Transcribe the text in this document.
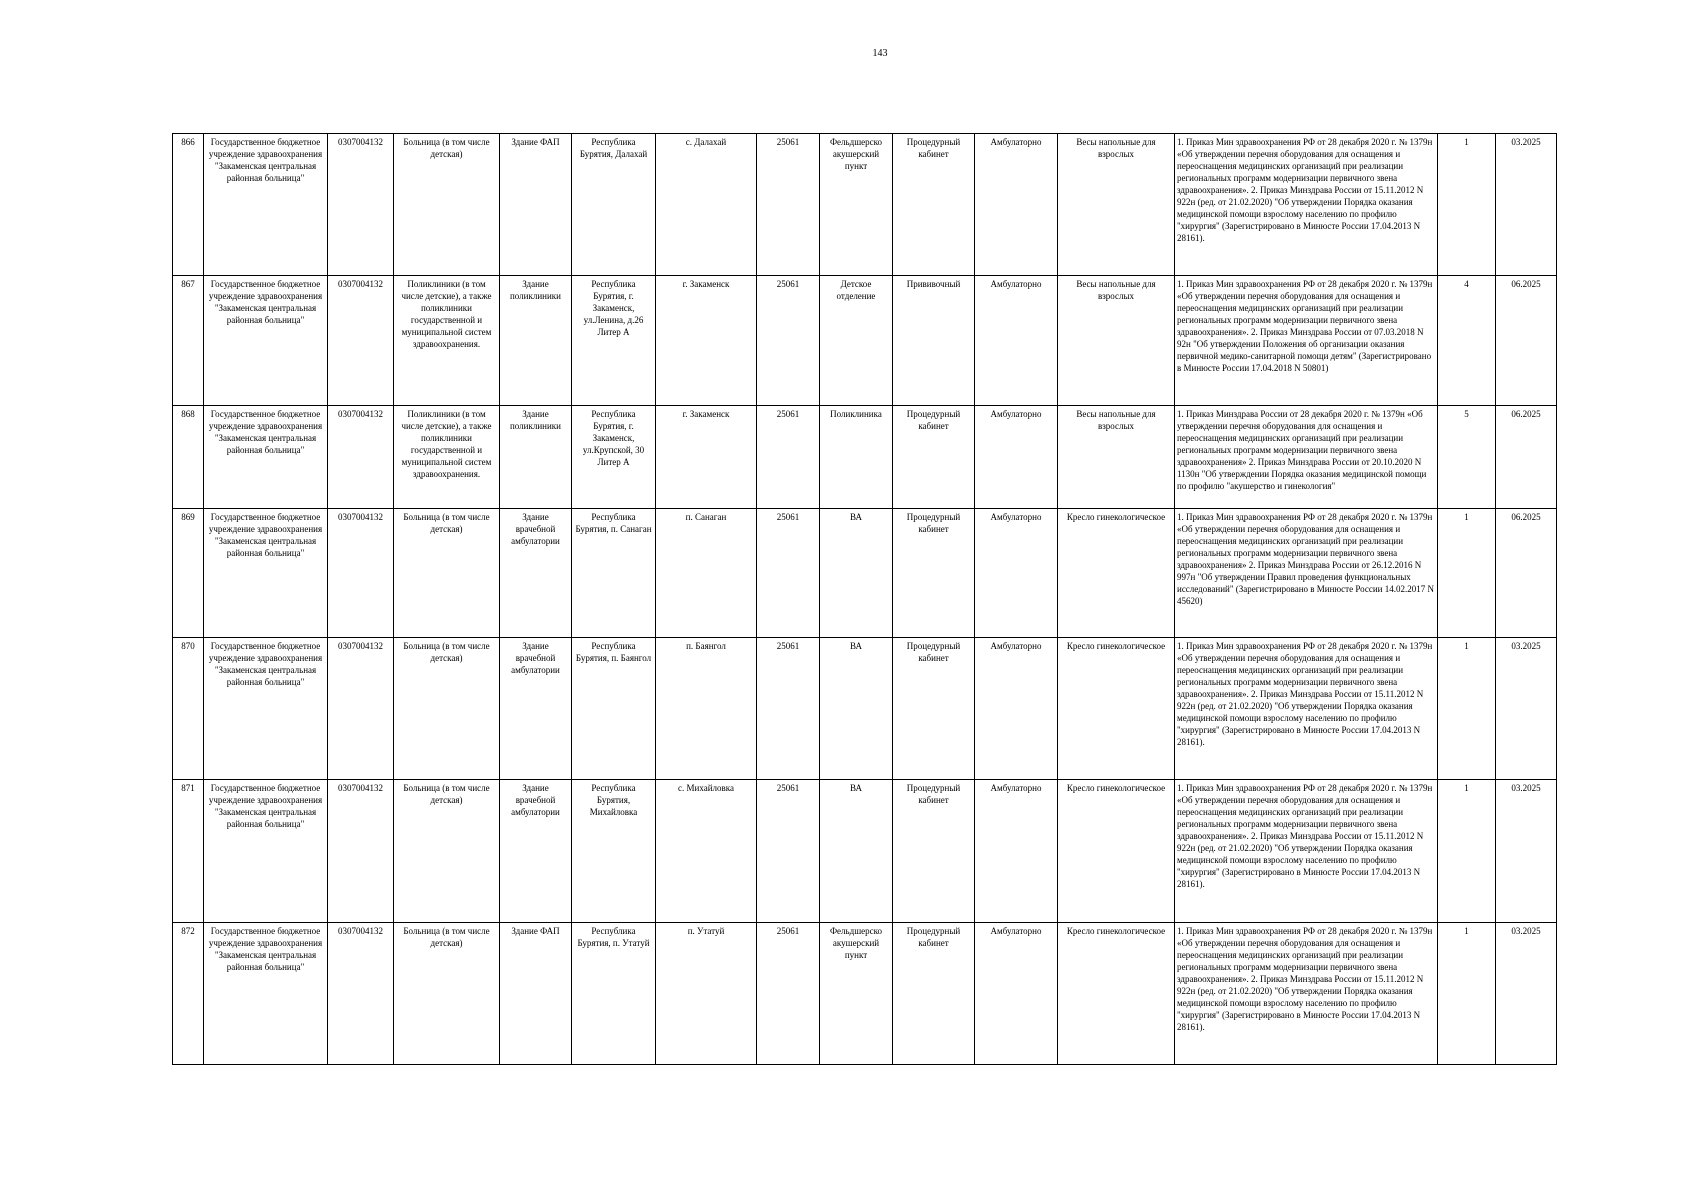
143
866	Государственное бюджетное учреждение здравоохранения "Закаменская центральная районная больница"	0307004132	Больница (в том числе детская)	Здание ФАП	Республика Бурятия, Далахай	с. Далахай	25061	Фельдшерско акушерский пункт	Процедурный кабинет	Амбулаторно	Весы напольные для взрослых	1. Приказ Мин здравоохранения РФ от 28 декабря 2020 г. № 1379н «Об утверждении перечня оборудования для оснащения и переоснащения медицинских организаций при реализации региональных программ модернизации первичного звена здравоохранения». 2. Приказ Минздрава России от 15.11.2012 N 922н (ред. от 21.02.2020) "Об утверждении Порядка оказания медицинской помощи взрослому населению по профилю "хирургия" (Зарегистрировано в Минюсте России 17.04.2013 N 28161).	1	03.2025
867	Государственное бюджетное учреждение здравоохранения "Закаменская центральная районная больница"	0307004132	Поликлиники (в том числе детские), а также поликлиники государственной и муниципальной систем здравоохранения.	Здание поликлиники	Республика Бурятия, г. Закаменск, ул.Ленина, д.26 Литер А	г. Закаменск	25061	Детское отделение	Прививочный	Амбулаторно	Весы напольные для взрослых	1. Приказ Мин здравоохранения РФ от 28 декабря 2020 г. № 1379н «Об утверждении перечня оборудования для оснащения и переоснащения медицинских организаций при реализации региональных программ модернизации первичного звена здравоохранения». 2. Приказ Минздрава России от 07.03.2018 N 92н "Об утверждении Положения об организации оказания первичной медико-санитарной помощи детям" (Зарегистрировано в Минюсте России 17.04.2018 N 50801)	4	06.2025
868	Государственное бюджетное учреждение здравоохранения "Закаменская центральная районная больница"	0307004132	Поликлиники (в том числе детские), а также поликлиники государственной и муниципальной систем здравоохранения.	Здание поликлиники	Республика Бурятия, г. Закаменск, ул.Крупской, 30 Литер А	г. Закаменск	25061	Поликлиника	Процедурный кабинет	Амбулаторно	Весы напольные для взрослых	1. Приказ Минздрава России от 28 декабря 2020 г. № 1379н «Об утверждении перечня оборудования для оснащения и переоснащения медицинских организаций при реализации региональных программ модернизации первичного звена здравоохранения» 2. Приказ Минздрава России от 20.10.2020 N 1130н "Об утверждении Порядка оказания медицинской помощи по профилю "акушерство и гинекология"	5	06.2025
869	Государственное бюджетное учреждение здравоохранения "Закаменская центральная районная больница"	0307004132	Больница (в том числе детская)	Здание врачебной амбулатории	Республика Бурятия, п. Санаган	п. Санаган	25061	ВА	Процедурный кабинет	Амбулаторно	Кресло гинекологическое	1. Приказ Мин здравоохранения РФ от 28 декабря 2020 г. № 1379н «Об утверждении перечня оборудования для оснащения и переоснащения медицинских организаций при реализации региональных программ модернизации первичного звена здравоохранения» 2. Приказ Минздрава России от 26.12.2016 N 997н "Об утверждении Правил проведения функциональных исследований" (Зарегистрировано в Минюсте России 14.02.2017 N 45620)	1	06.2025
870	Государственное бюджетное учреждение здравоохранения "Закаменская центральная районная больница"	0307004132	Больница (в том числе детская)	Здание врачебной амбулатории	Республика Бурятия, п. Баянгол	п. Баянгол	25061	ВА	Процедурный кабинет	Амбулаторно	Кресло гинекологическое	1. Приказ Мин здравоохранения РФ от 28 декабря 2020 г. № 1379н «Об утверждении перечня оборудования для оснащения и переоснащения медицинских организаций при реализации региональных программ модернизации первичного звена здравоохранения». 2. Приказ Минздрава России от 15.11.2012 N 922н (ред. от 21.02.2020) "Об утверждении Порядка оказания медицинской помощи взрослому населению по профилю "хирургия" (Зарегистрировано в Минюсте России 17.04.2013 N 28161).	1	03.2025
871	Государственное бюджетное учреждение здравоохранения "Закаменская центральная районная больница"	0307004132	Больница (в том числе детская)	Здание врачебной амбулатории	Республика Бурятия, Михайловка	с. Михайловка	25061	ВА	Процедурный кабинет	Амбулаторно	Кресло гинекологическое	1. Приказ Мин здравоохранения РФ от 28 декабря 2020 г. № 1379н «Об утверждении перечня оборудования для оснащения и переоснащения медицинских организаций при реализации региональных программ модернизации первичного звена здравоохранения». 2. Приказ Минздрава России от 15.11.2012 N 922н (ред. от 21.02.2020) "Об утверждении Порядка оказания медицинской помощи взрослому населению по профилю "хирургия" (Зарегистрировано в Минюсте России 17.04.2013 N 28161).	1	03.2025
872	Государственное бюджетное учреждение здравоохранения "Закаменская центральная районная больница"	0307004132	Больница (в том числе детская)	Здание ФАП	Республика Бурятия, п. Утатуй	п. Утатуй	25061	Фельдшерско акушерский пункт	Процедурный кабинет	Амбулаторно	Кресло гинекологическое	1. Приказ Мин здравоохранения РФ от 28 декабря 2020 г. № 1379н «Об утверждении перечня оборудования для оснащения и переоснащения медицинских организаций при реализации региональных программ модернизации первичного звена здравоохранения». 2. Приказ Минздрава России от 15.11.2012 N 922н (ред. от 21.02.2020) "Об утверждении Порядка оказания медицинской помощи взрослому населению по профилю "хирургия" (Зарегистрировано в Минюсте России 17.04.2013 N 28161).	1	03.2025
